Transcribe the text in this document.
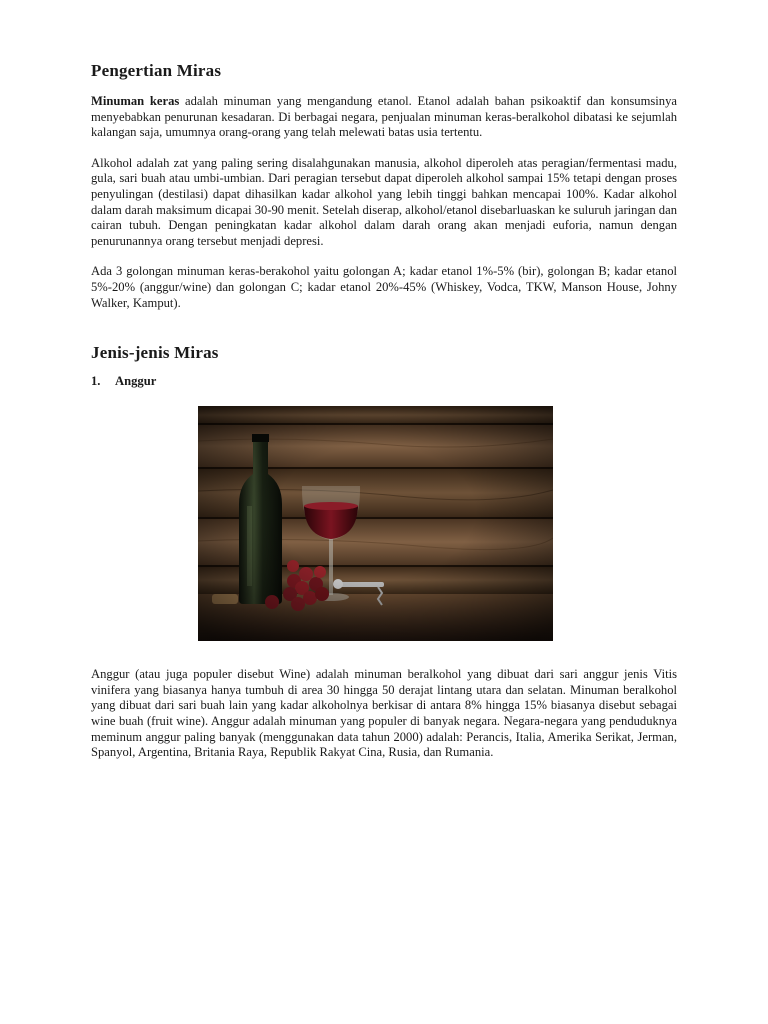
Pengertian Miras

Minuman keras adalah minuman yang mengandung etanol. Etanol adalah bahan psikoaktif dan konsumsinya menyebabkan penurunan kesadaran. Di berbagai negara, penjualan minuman keras-beralkohol dibatasi ke sejumlah kalangan saja, umumnya orang-orang yang telah melewati batas usia tertentu.

Alkohol adalah zat yang paling sering disalahgunakan manusia, alkohol diperoleh atas peragian/fermentasi madu, gula, sari buah atau umbi-umbian. Dari peragian tersebut dapat diperoleh alkohol sampai 15% tetapi dengan proses penyulingan (destilasi) dapat dihasilkan kadar alkohol yang lebih tinggi bahkan mencapai 100%. Kadar alkohol dalam darah maksimum dicapai 30-90 menit. Setelah diserap, alkohol/etanol disebarluaskan ke suluruh jaringan dan cairan tubuh. Dengan peningkatan kadar alkohol dalam darah orang akan menjadi euforia, namun dengan penurunannya orang tersebut menjadi depresi.

Ada 3 golongan minuman keras-berakohol yaitu golongan A; kadar etanol 1%-5% (bir), golongan B; kadar etanol 5%-20% (anggur/wine) dan golongan C; kadar etanol 20%-45% (Whiskey, Vodca, TKW, Manson House, Johny Walker, Kamput).

Jenis-jenis Miras
1.	Anggur

Anggur (atau juga populer disebut Wine) adalah minuman beralkohol yang dibuat dari sari anggur jenis Vitis vinifera yang biasanya hanya tumbuh di area 30 hingga 50 derajat lintang utara dan selatan. Minuman beralkohol yang dibuat dari sari buah lain yang kadar alkoholnya berkisar di antara 8% hingga 15% biasanya disebut sebagai wine buah (fruit wine). Anggur adalah minuman yang populer di banyak negara. Negara-negara yang penduduknya meminum anggur paling banyak (menggunakan data tahun 2000) adalah: Perancis, Italia, Amerika Serikat, Jerman, Spanyol, Argentina, Britania Raya, Republik Rakyat Cina, Rusia, dan Rumania.
